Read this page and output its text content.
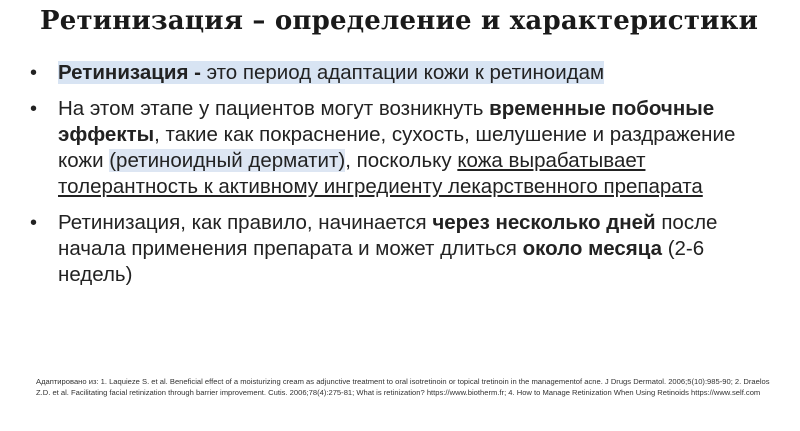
Ретинизация – определение и характеристики
• Ретинизация - это период адаптации кожи к ретиноидам
• На этом этапе у пациентов могут возникнуть временные побочные эффекты, такие как покраснение, сухость, шелушение и раздражение кожи (ретиноидный дерматит), поскольку кожа вырабатывает толерантность к активному ингредиенту лекарственного препарата
• Ретинизация, как правило, начинается через несколько дней после начала применения препарата и может длиться около месяца (2-6 недель)
Адаптировано из: 1. Laquieze S. et al. Beneficial effect of a moisturizing cream as adjunctive treatment to oral isotretinoin or topical tretinoin in the managementof acne. J Drugs Dermatol. 2006;5(10):985-90; 2. Draelos Z.D. et al. Facilitating facial retinization through barrier improvement. Cutis. 2006;78(4):275-81; What is retinization? https://www.biotherm.fr; 4. How to Manage Retinization When Using Retinoids https://www.self.com
